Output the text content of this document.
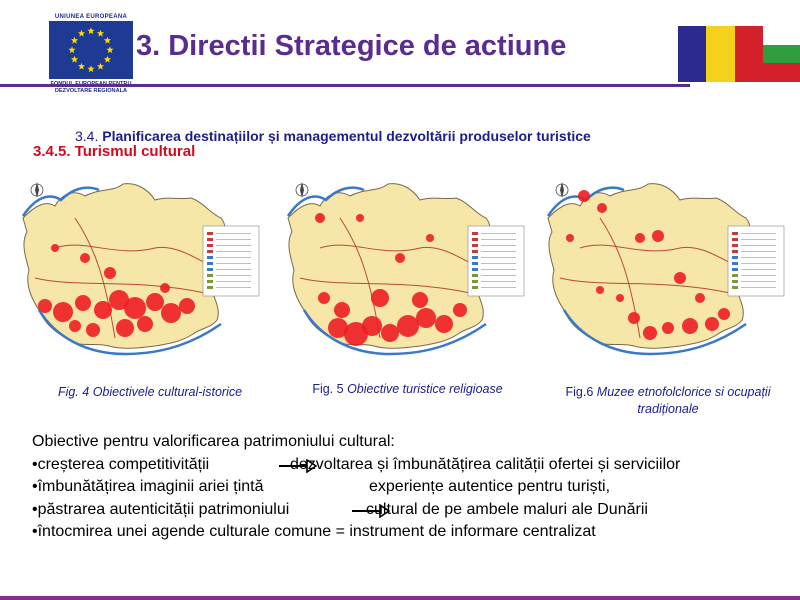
UNIUNEA EUROPEANA
DEZVOLTARE REGIONALA
3. Directii Strategice de actiune
3.4. Planificarea destinațiilor și managementul dezvoltării produselor turistice
3.4.5. Turismul cultural
Fig. 4 Obiectivele cultural-istorice	Fig. 5 Obiective turistice religioase	Fig.6 Muzee etnofolclorice si ocupații tradiționale
Obiective pentru valorificarea patrimoniului cultural:
•creșterea competitivității	dezvoltarea și îmbunătățirea calității ofertei și serviciilor
•îmbunătățirea imaginii ariei țintă	experiențe autentice pentru turiști,
•păstrarea autenticității patrimoniului	cultural de pe ambele maluri ale Dunării
•întocmirea unei agende culturale comune = instrument de informare centralizat
